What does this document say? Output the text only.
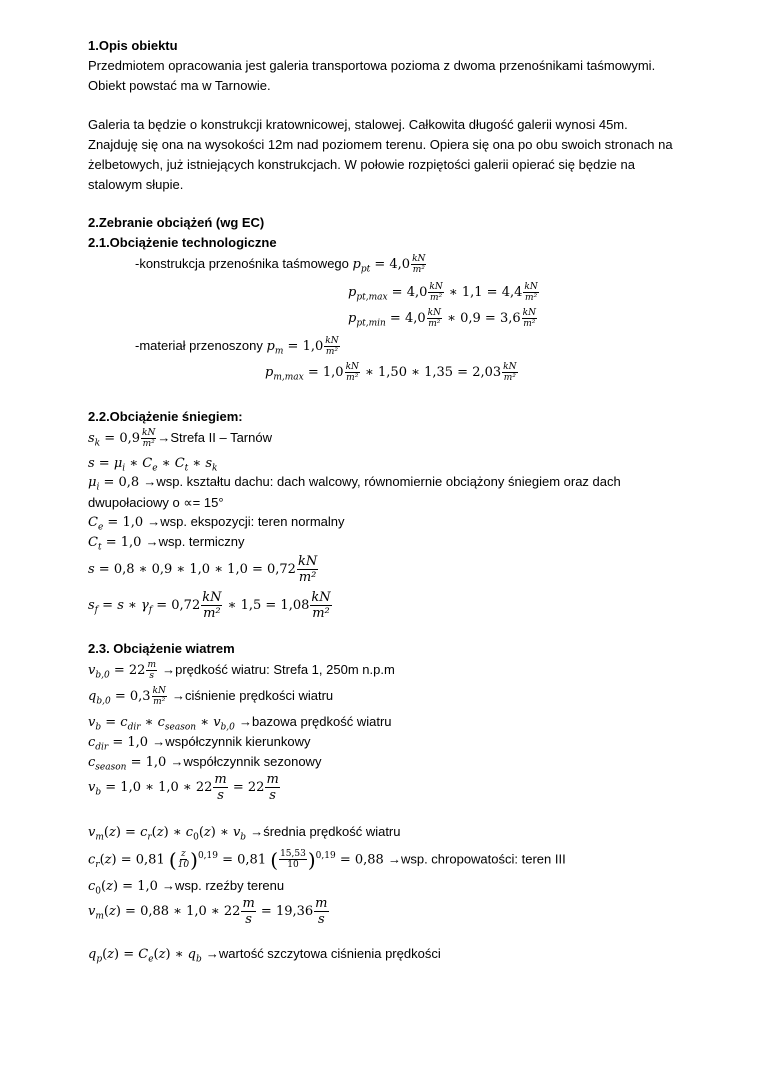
1.Opis obiektu
Przedmiotem opracowania jest galeria transportowa pozioma z dwoma przenośnikami taśmowymi.
Obiekt powstać ma w Tarnowie.
Galeria ta będzie o konstrukcji kratownicowej, stalowej. Całkowita długość galerii wynosi 45m.
Znajduję się ona na wysokości 12m nad poziomem terenu. Opiera się ona po obu swoich stronach na
żelbetowych, już istniejących konstrukcjach. W połowie rozpiętości galerii opierać się będzie na
stalowym słupie.
2.Zebranie obciążeń (wg EC)
2.1.Obciążenie technologiczne
-konstrukcja przenośnika taśmowego $p_{pt} = 4,0 \frac{kN}{\text{m²}}$
$p_{pt,max} = 4,0 \frac{kN}{\text{m²}}$ ∗ $1,1 = 4,4 \frac{kN}{\text{m²}}$
$p_{pt,min} = 4,0 \frac{kN}{\text{m²}}$ ∗ $0,9 = 3,6 \frac{kN}{\text{m²}}$
-materiał przenoszony $p_m = 1,0 \frac{kN}{\text{m²}}$
$p_{m,max} = 1,0 \frac{kN}{\text{m²}}$ ∗ 1,50 ∗ $1,35 = 2,03 \frac{kN}{\text{m²}}$
2.2.Obciążenie śniegiem:
$s_k = 0,9 \frac{kN}{\text{m²}}$ →Strefa II – Tarnów
$s = \mu_i$ ∗ $C_e$ ∗ $C_t$ ∗ $s_k$
$\mu_i = 0,8 \to wsp$. kształtu dachu: dach walcowy, równomiernie obciążony śniegiem oraz dach
dwupołaciowy o ∝= 15°
$C_e = 1,0 \to wsp$. ekspozycji: teren normalny
$C_t = 1,0 \to wsp$. termiczny
s = 0,8 ∗ 0,9 ∗ 1,0 ∗ $1,0 = 0,72 \frac{kN}{\text{m²}}$
$s_f = s$ ∗ $\gamma_f = 0,72 \frac{kN}{\text{m²}}$ ∗ $1,5 = 1,08 \frac{kN}{\text{m²}}$
2.3. Obciążenie wiatrem
$v_{b,0} = 22 \frac{m}{s}$ →prędkość wiatru: Strefa 1, 250m n.p.m
$q_{b,0} = 0,3 \frac{kN}{\text{m²}}$ →ciśnienie prędkości wiatru
$v_b = c_{dir}$ ∗ $c_{season}$ ∗ $v_{b,0}$ →bazowa prędkość wiatru
$c_{dir} = 1,0$ →współczynnik kierunkowy
$c_{season} = 1,0$ →współczynnik sezonowy
$v_b = 1,0$ ∗ 1,0 ∗ $22 \frac{m}{s} = 22 \frac{m}{s}$
$v_m(z) = c_r(z)$ ∗ $c_0(z)$ ∗ $v_b$ →średnia prędkość wiatru
$c_r(z) = 0,81$ ( $\frac{z}{10} )^{0,19} = 0,81$ ( $\frac{15,53}{10} )^{0,19} = 0,88 \to wsp$. chropowatości: teren III
$c_0(z) = 1,0 \to wsp$. rzeźby terenu
$v_m(z) = 0,88$ ∗ 1,0 ∗ $22 \frac{m}{s} = 19,36 \frac{m}{s}$
$q_p(z) = C_e(z)$ ∗ $q_b$ →wartość szczytowa ciśnienia prędkości
